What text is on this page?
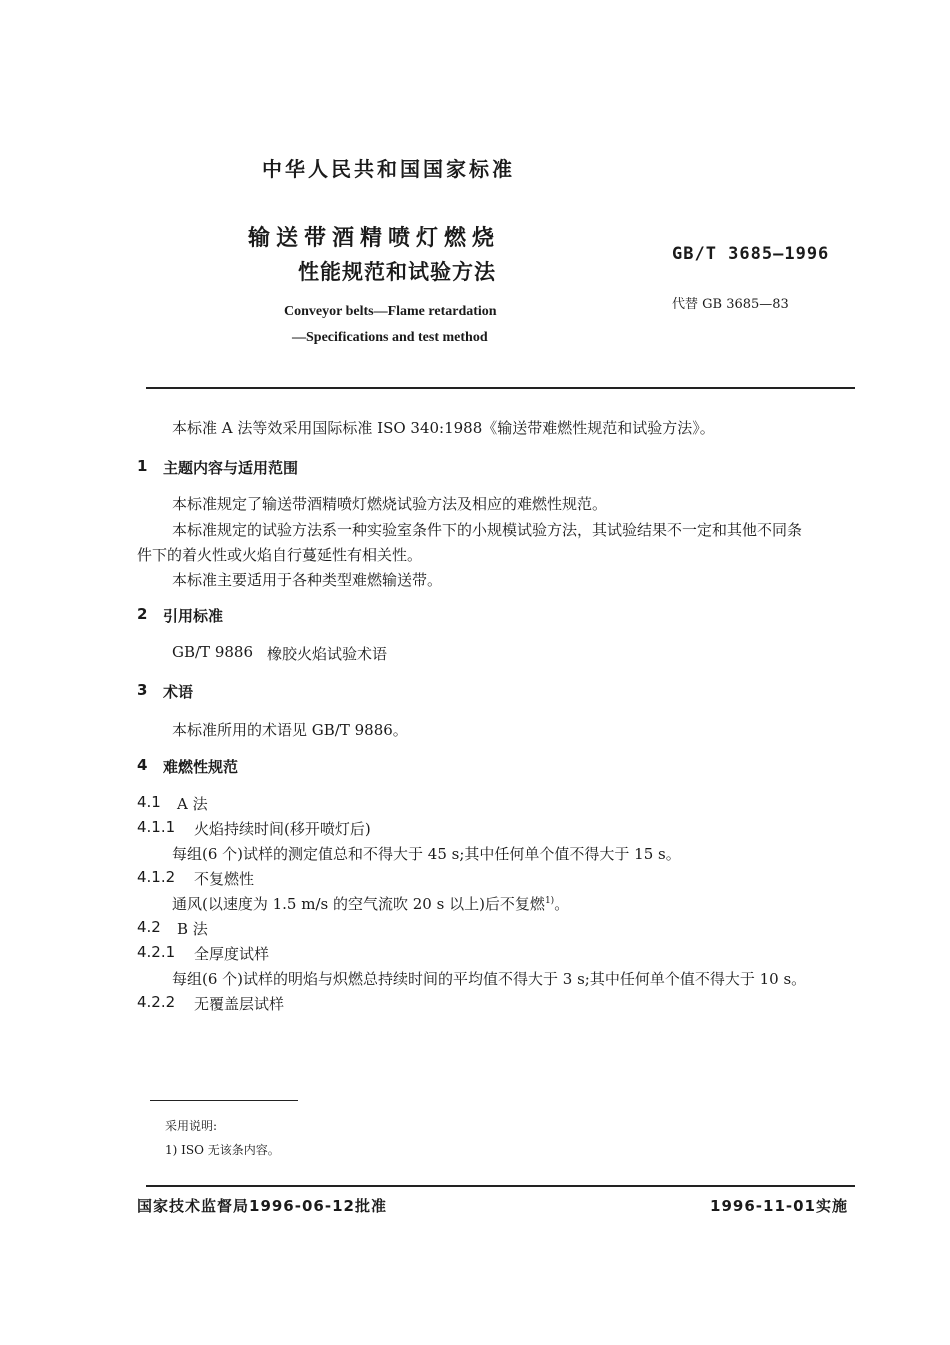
中华人民共和国国家标准
输送带酒精喷灯燃烧
性能规范和试验方法
GB/T 3685—1996
代替 GB 3685—83
Conveyor belts—Flame retardation
—Specifications and test method
本标准 A 法等效采用国际标准 ISO 340:1988《输送带难燃性规范和试验方法》。
1 主题内容与适用范围
本标准规定了输送带酒精喷灯燃烧试验方法及相应的难燃性规范。
本标准规定的试验方法系一种实验室条件下的小规模试验方法，其试验结果不一定和其他不同条
件下的着火性或火焰自行蔓延性有相关性。
本标准主要适用于各种类型难燃输送带。
2 引用标准
GB/T 9886 橡胶火焰试验术语
3 术语
本标准所用的术语见 GB/T 9886。
4 难燃性规范
4.1 A 法
4.1.1 火焰持续时间(移开喷灯后)
每组(6 个)试样的测定值总和不得大于 45 s;其中任何单个值不得大于 15 s。
4.1.2 不复燃性
通风(以速度为 1.5 m/s 的空气流吹 20 s 以上)后不复燃$^{1)}$。
4.2 B 法
4.2.1 全厚度试样
每组(6 个)试样的明焰与炽燃总持续时间的平均值不得大于 3 s;其中任何单个值不得大于 10 s。
4.2.2 无覆盖层试样
采用说明:
1) ISO 无该条内容。
国家技术监督局1996-06-12批准	1996-11-01实施
